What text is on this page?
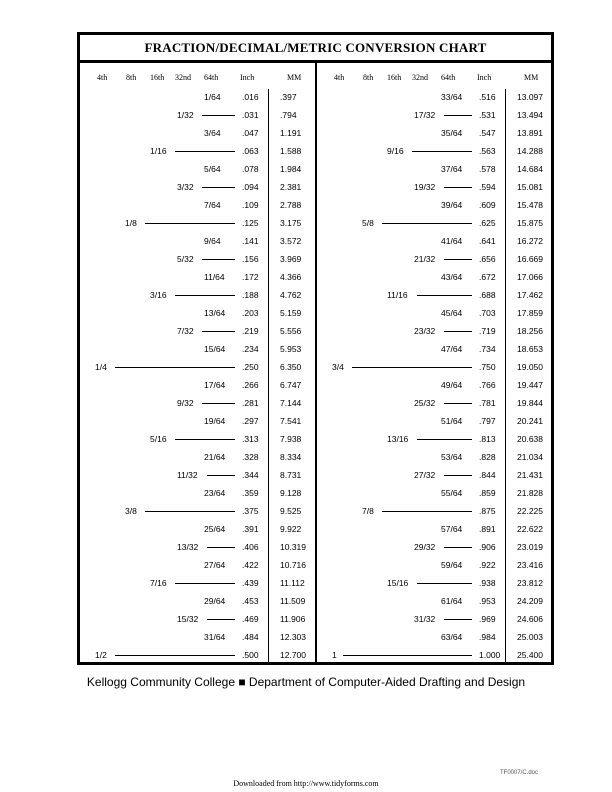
FRACTION/DECIMAL/METRIC CONVERSION CHART
4th 8th 16th 32nd 64th	Inch	MM
1/64	.016	.397
1/32	.031	.794
3/64	.047	1.191
1/16	.063	1.588
5/64	.078	1.984
3/32	.094	2.381
7/64	.109	2.788
1/8	.125	3.175
9/64	.141	3.572
5/32	.156	3.969
11/64 .172	4.366
3/16	.188	4.762
13/64 .203	5.159
7/32	.219	5.556
15/64 .234	5.953
1/4	.250	6.350
17/64 .266	6.747
9/32	.281	7.144
19/64 .297	7.541
5/16	.313	7.938
21/64 .328	8.334
11/32	.344	8.731
23/64 .359	9.128
3/8	.375	9.525
25/64 .391	9.922
13/32	.406	10.319
27/64 .422	10.716
7/16	.439	11.112
29/64 .453	11.509
15/32	.469	11.906
31/64 .484	12.303
1/2	.500	12.700
4th 8th 16th 32nd 64th	Inch	MM
33/64 .516	13.097
17/32	.531	13.494
35/64 .547	13.891
9/16	.563	14.288
37/64 .578	14.684
19/32	.594	15.081
39/64 .609	15.478
5/8	.625	15.875
41/64 .641	16.272
21/32	.656	16.669
43/64 .672	17.066
11/16	.688	17.462
45/64 .703	17.859
23/32	.719	18.256
47/64 .734	18.653
3/4	.750	19.050
49/64 .766	19.447
25/32	.781	19.844
51/64 .797	20.241
13/16	.813	20.638
53/64 .828	21.034
27/32	.844	21.431
55/64 .859	21.828
7/8	.875	22.225
57/64 .891	22.622
29/32	.906	23.019
59/64 .922	23.416
15/16	.938	23.812
61/64 .953	24.209
31/32	.969	24.606
63/64 .984	25.003
1	1.000 25.400
Kellogg Community College ■ Department of Computer-Aided Drafting and Design
Downloaded from http://www.tidyforms.com
TF0007/C.doc
